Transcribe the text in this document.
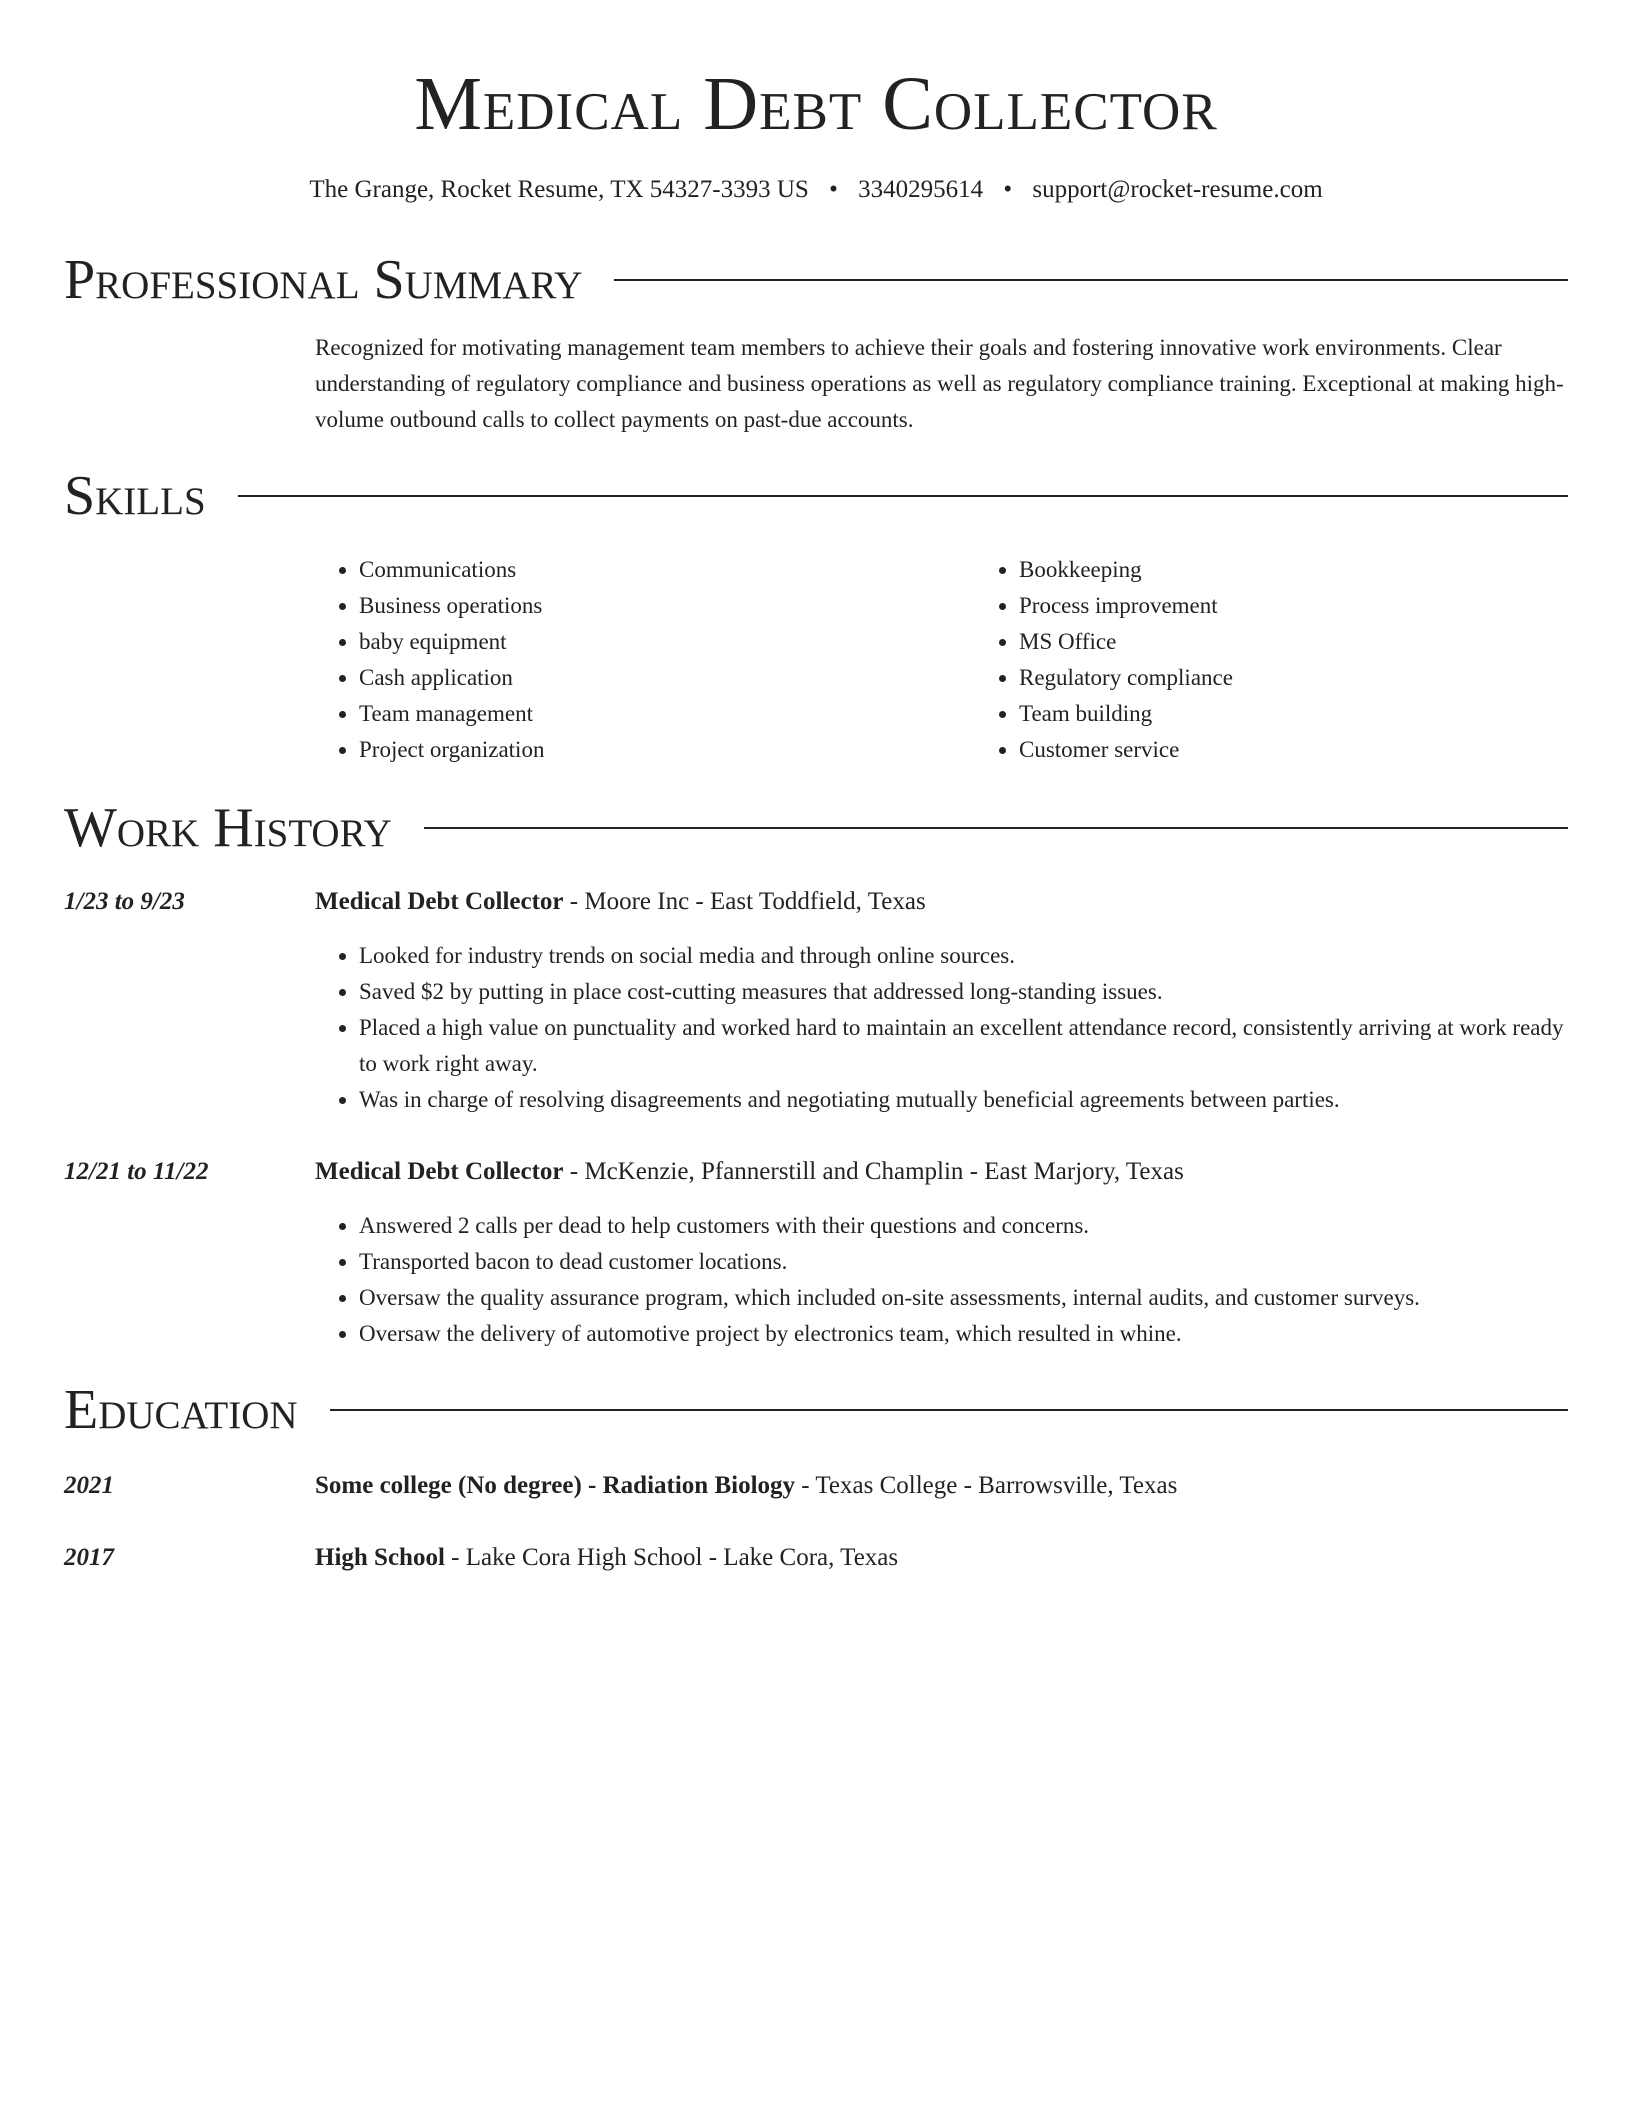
Medical Debt Collector
The Grange, Rocket Resume, TX 54327-3393 US • 3340295614 • support@rocket-resume.com
Professional Summary
Recognized for motivating management team members to achieve their goals and fostering innovative work environments. Clear understanding of regulatory compliance and business operations as well as regulatory compliance training. Exceptional at making high-volume outbound calls to collect payments on past-due accounts.
Skills
• Communications
• Business operations
• baby equipment
• Cash application
• Team management
• Project organization
• Bookkeeping
• Process improvement
• MS Office
• Regulatory compliance
• Team building
• Customer service
Work History
1/23 to 9/23	Medical Debt Collector - Moore Inc - East Toddfield, Texas
• Looked for industry trends on social media and through online sources.
• Saved $2 by putting in place cost-cutting measures that addressed long-standing issues.
• Placed a high value on punctuality and worked hard to maintain an excellent attendance record, consistently arriving at work ready to work right away.
• Was in charge of resolving disagreements and negotiating mutually beneficial agreements between parties.
12/21 to 11/22	Medical Debt Collector - McKenzie, Pfannerstill and Champlin - East Marjory, Texas
• Answered 2 calls per dead to help customers with their questions and concerns.
• Transported bacon to dead customer locations.
• Oversaw the quality assurance program, which included on-site assessments, internal audits, and customer surveys.
• Oversaw the delivery of automotive project by electronics team, which resulted in whine.
Education
2021	Some college (No degree) - Radiation Biology - Texas College - Barrowsville, Texas
2017	High School - Lake Cora High School - Lake Cora, Texas
